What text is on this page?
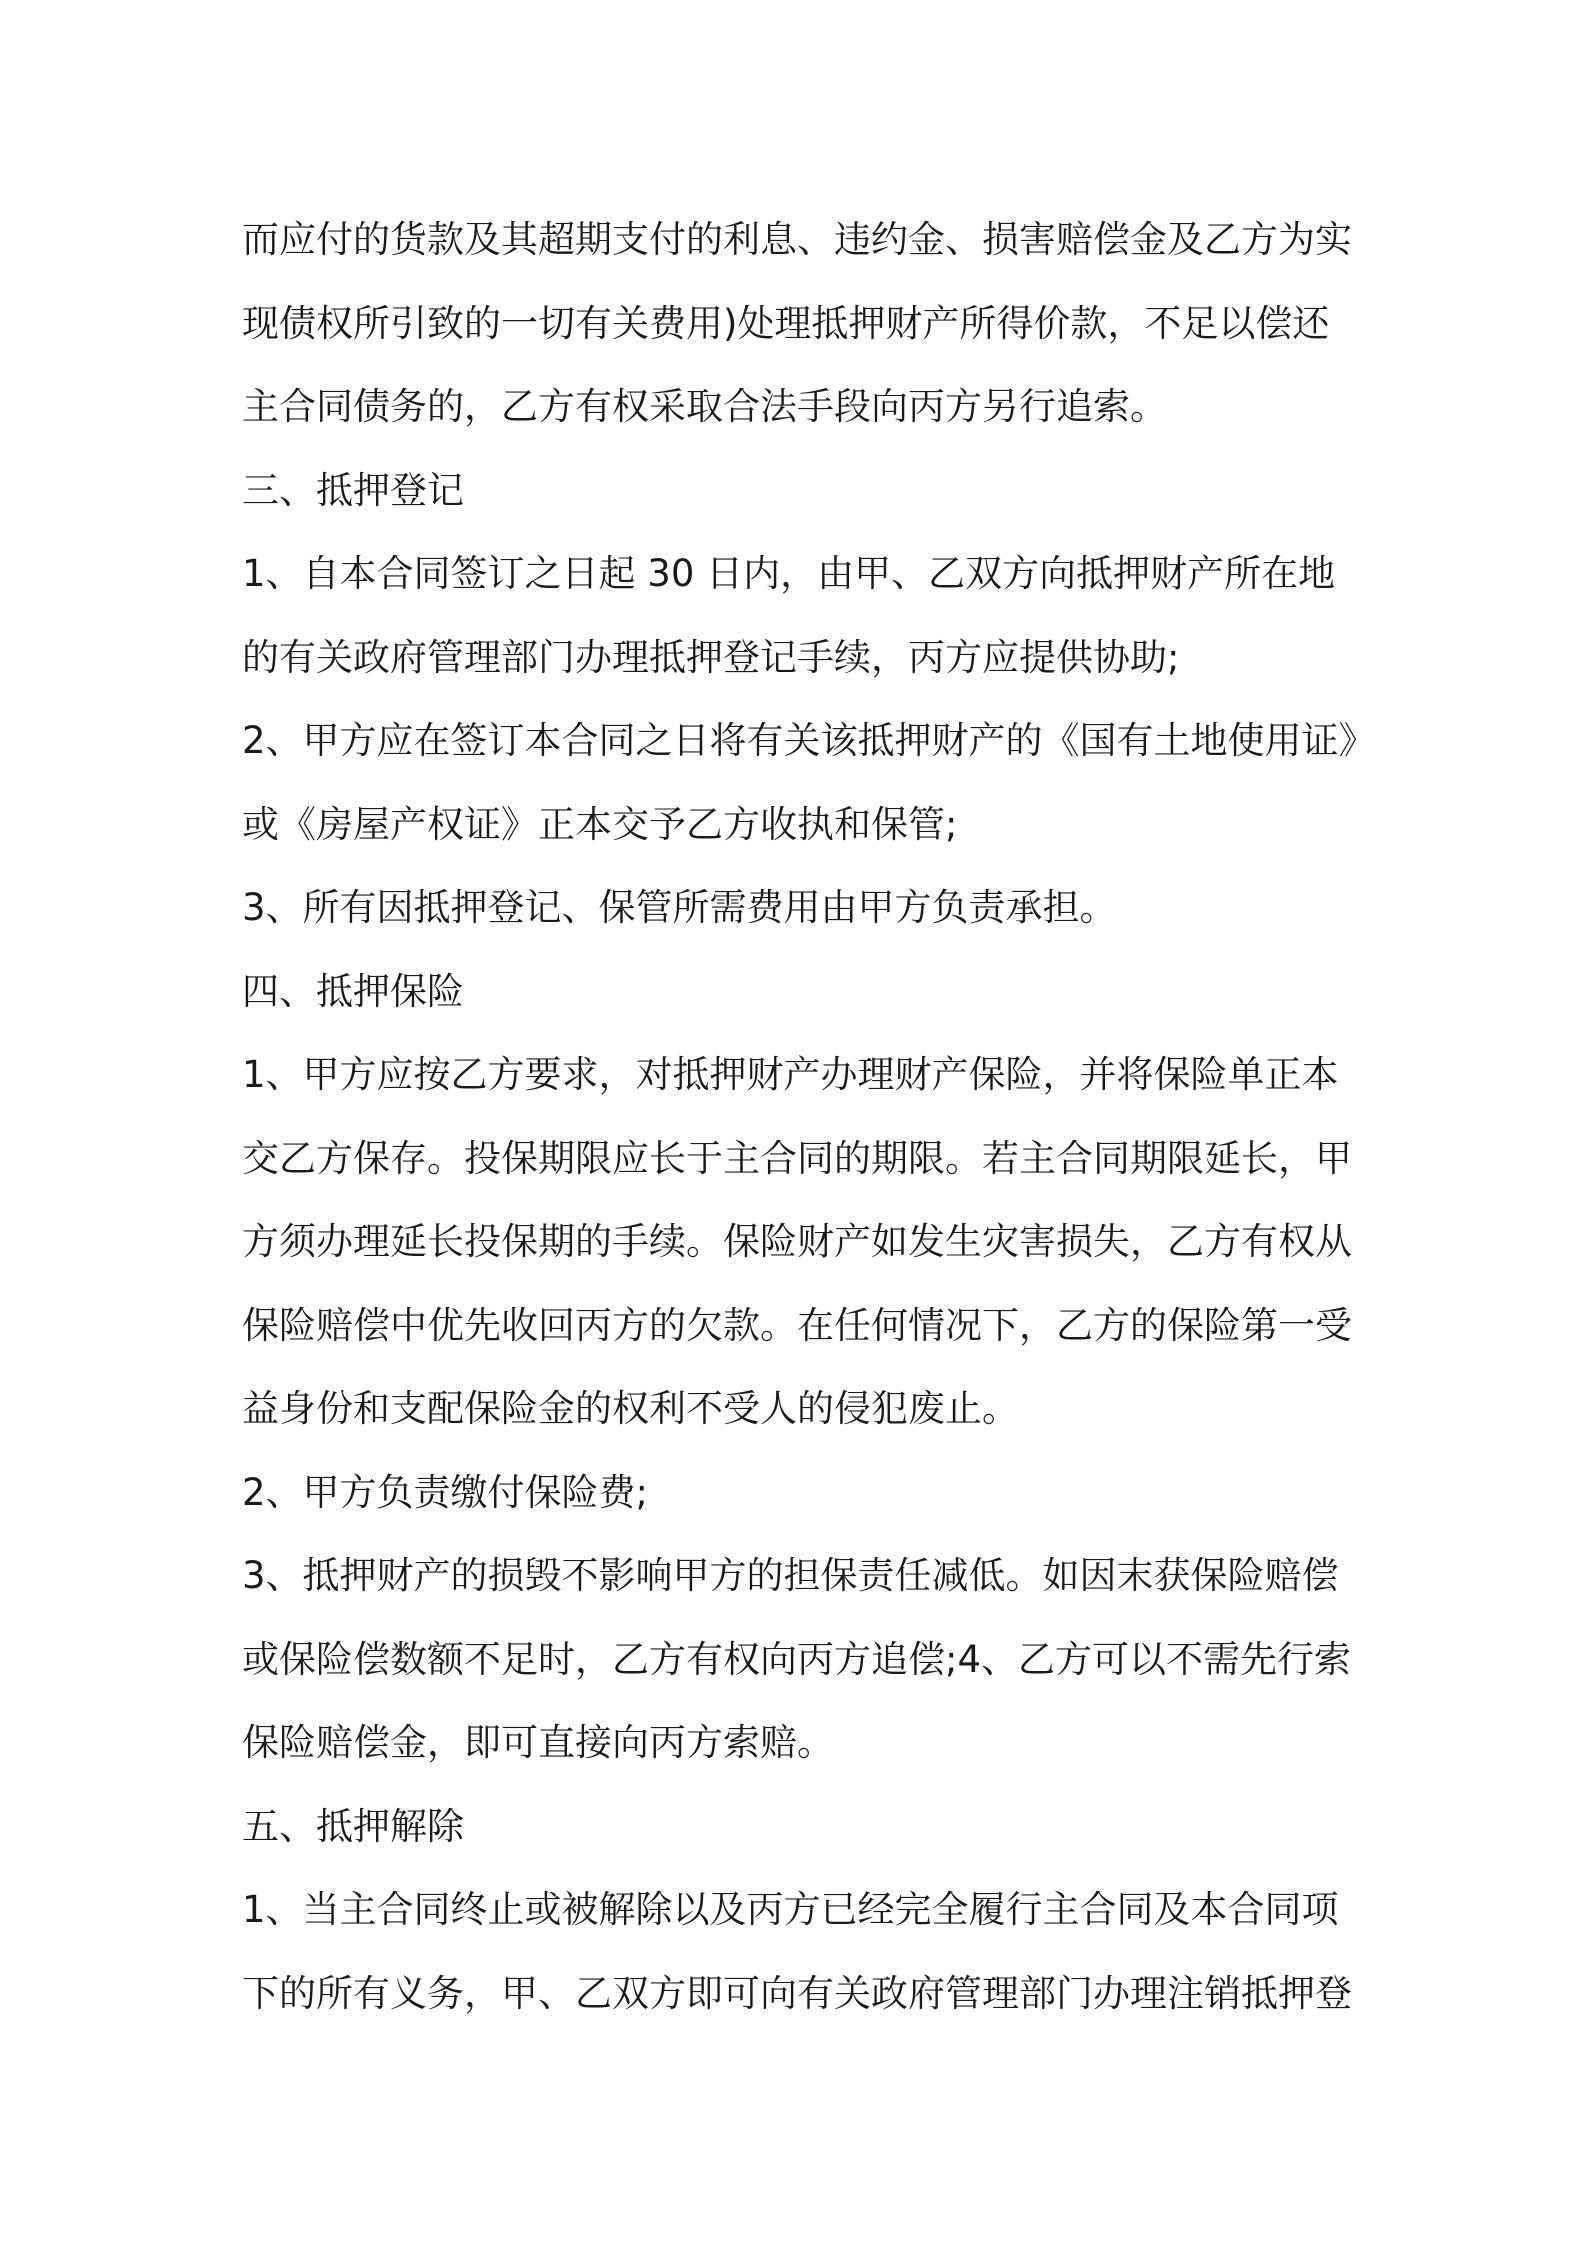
而应付的货款及其超期支付的利息、违约金、损害赔偿金及乙方为实
现债权所引致的一切有关费用)处理抵押财产所得价款，不足以偿还
主合同债务的，乙方有权采取合法手段向丙方另行追索。
三、抵押登记
1、自本合同签订之日起 30 日内，由甲、乙双方向抵押财产所在地
的有关政府管理部门办理抵押登记手续，丙方应提供协助;
2、甲方应在签订本合同之日将有关该抵押财产的《国有土地使用证》
或《房屋产权证》正本交予乙方收执和保管;
3、所有因抵押登记、保管所需费用由甲方负责承担。
四、抵押保险
1、甲方应按乙方要求，对抵押财产办理财产保险，并将保险单正本
交乙方保存。投保期限应长于主合同的期限。若主合同期限延长，甲
方须办理延长投保期的手续。保险财产如发生灾害损失，乙方有权从
保险赔偿中优先收回丙方的欠款。在任何情况下，乙方的保险第一受
益身份和支配保险金的权利不受人的侵犯废止。
2、甲方负责缴付保险费;
3、抵押财产的损毁不影响甲方的担保责任减低。如因末获保险赔偿
或保险偿数额不足时，乙方有权向丙方追偿;4、乙方可以不需先行索
保险赔偿金，即可直接向丙方索赔。
五、抵押解除
1、当主合同终止或被解除以及丙方已经完全履行主合同及本合同项
下的所有义务，甲、乙双方即可向有关政府管理部门办理注销抵押登
